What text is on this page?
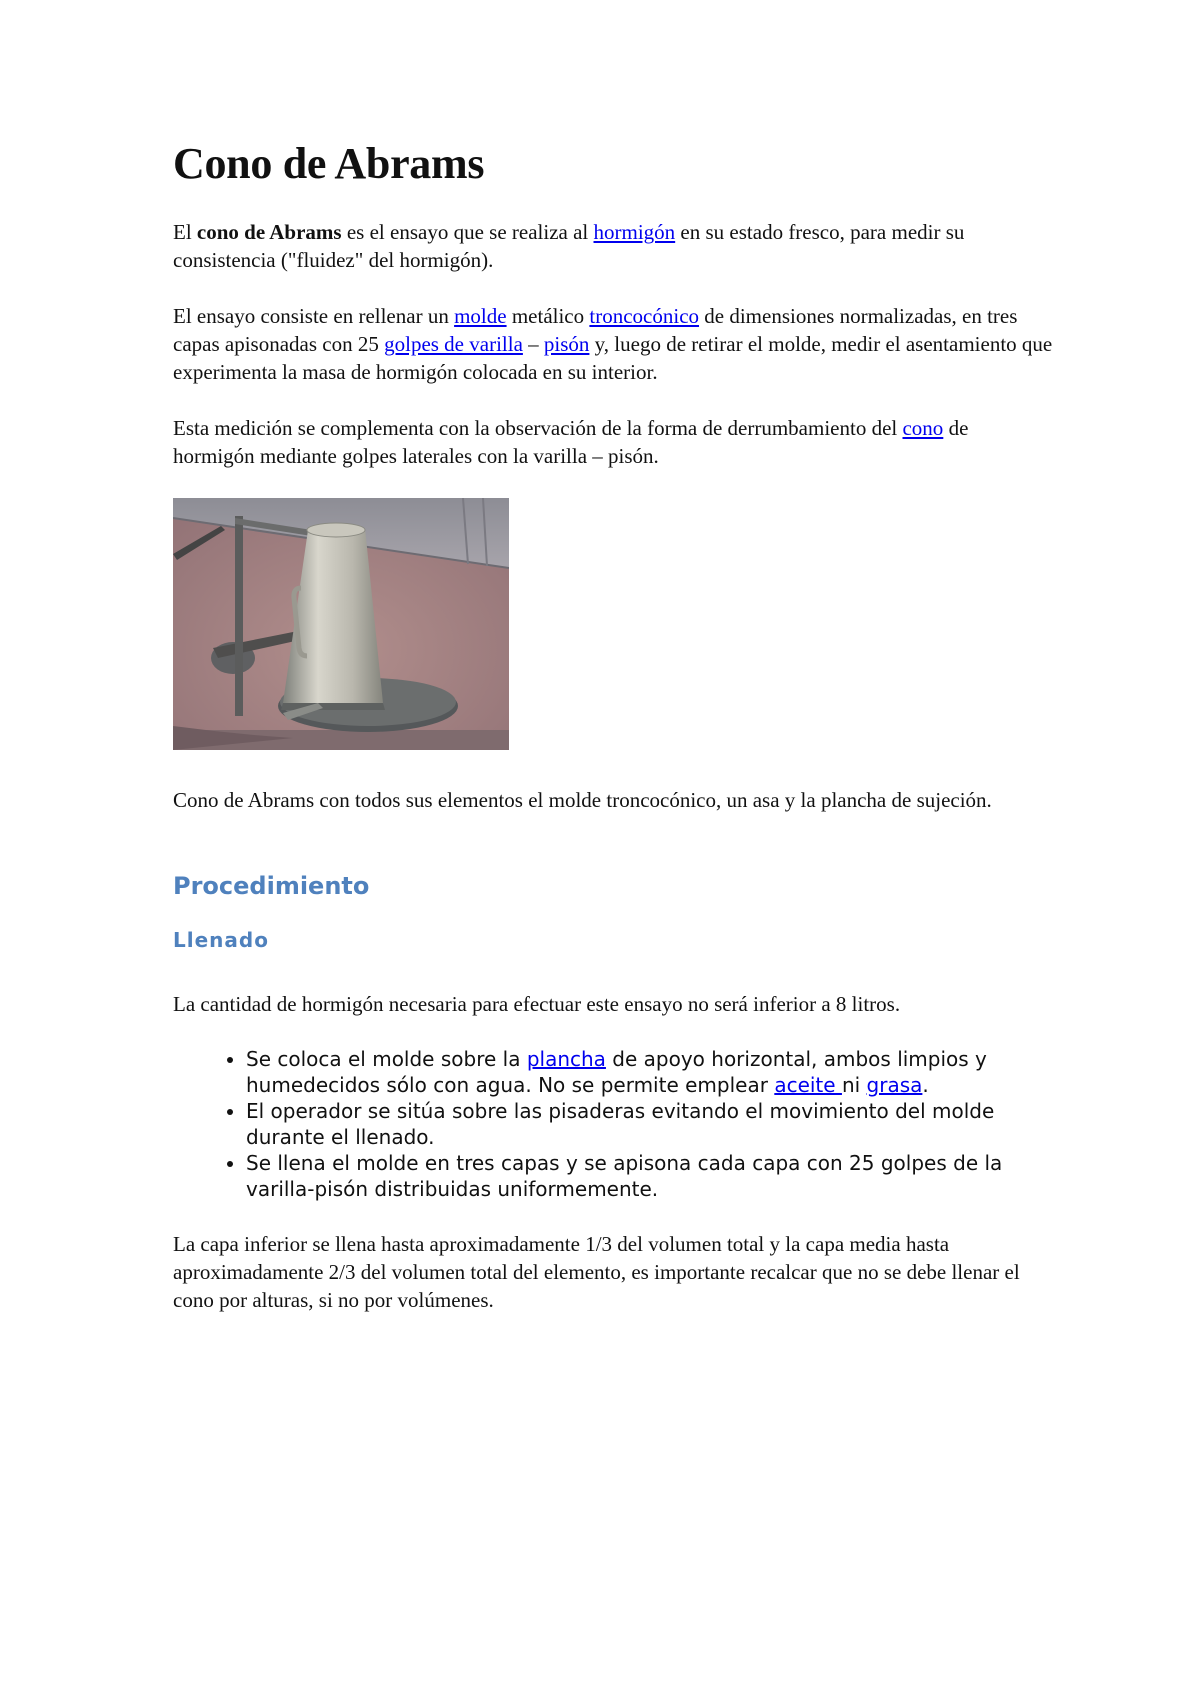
Cono de Abrams

El cono de Abrams es el ensayo que se realiza al hormigón en su estado fresco, para medir su consistencia ("fluidez" del hormigón).

El ensayo consiste en rellenar un molde metálico troncocónico de dimensiones normalizadas, en tres capas apisonadas con 25 golpes de varilla – pisón y, luego de retirar el molde, medir el asentamiento que experimenta la masa de hormigón colocada en su interior.

Esta medición se complementa con la observación de la forma de derrumbamiento del cono de hormigón mediante golpes laterales con la varilla – pisón.

Cono de Abrams con todos sus elementos el molde troncocónico, un asa y la plancha de sujeción.

Procedimiento
Llenado

La cantidad de hormigón necesaria para efectuar este ensayo no será inferior a 8 litros.

• Se coloca el molde sobre la plancha de apoyo horizontal, ambos limpios y humedecidos sólo con agua. No se permite emplear aceite ni grasa.
• El operador se sitúa sobre las pisaderas evitando el movimiento del molde durante el llenado.
• Se llena el molde en tres capas y se apisona cada capa con 25 golpes de la varilla-pisón distribuidas uniformemente.

La capa inferior se llena hasta aproximadamente 1/3 del volumen total y la capa media hasta aproximadamente 2/3 del volumen total del elemento, es importante recalcar que no se debe llenar el cono por alturas, si no por volúmenes.
